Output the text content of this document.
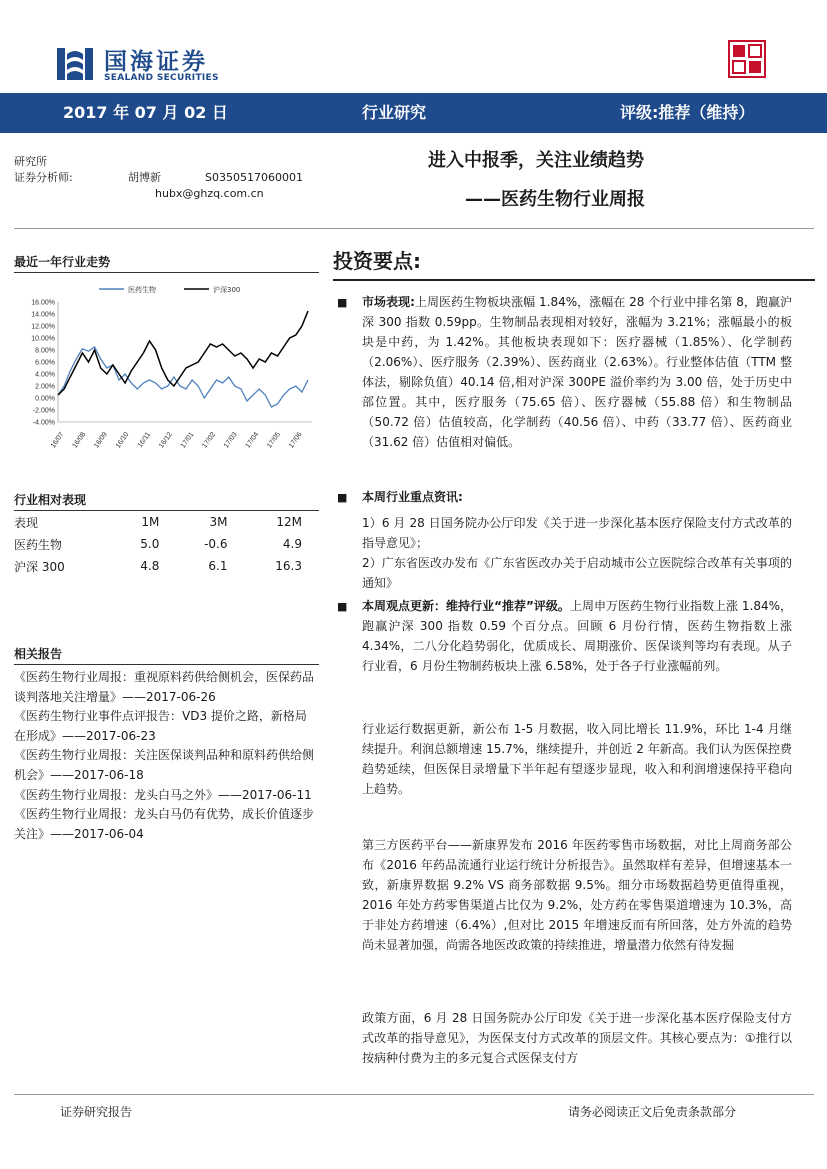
国海证券
SEALAND SECURITIES
2017 年 07 月 02 日	行业研究	评级:推荐（维持）
研究所
证券分析师:	胡博新	S0350517060001
hubx@ghzq.com.cn
进入中报季，关注业绩趋势
——医药生物行业周报
最近一年行业走势
16.00%
14.00%
12.00%
10.00%
8.00%
6.00%
4.00%
2.00%
0.00%
-2.00%
-4.00%
16/07 16/08 16/09 16/10 16/11 16/12 17/01 17/02 17/03 17/04 17/05 17/06
医药生物	沪深300
行业相对表现
表现	1M	3M	12M
医药生物	5.0	-0.6	4.9
沪深 300	4.8	6.1	16.3
相关报告

《医药生物行业周报：重视原料药供给侧机会，医保药品谈判落地关注增量》——2017-06-26

《医药生物行业事件点评报告：VD3 提价之路，新格局在形成》——2017-06-23

《医药生物行业周报：关注医保谈判品种和原料药供给侧机会》——2017-06-18

《医药生物行业周报：龙头白马之外》——2017-06-11

《医药生物行业周报：龙头白马仍有优势，成长价值逐步关注》——2017-06-04

投资要点:
■ 市场表现:上周医药生物板块涨幅 1.84%，涨幅在 28 个行业中排名第 8，跑赢沪深 300 指数 0.59pp。生物制品表现相对较好，涨幅为 3.21%；涨幅最小的板块是中药，为 1.42%。其他板块表现如下：医疗器械（1.85%）、化学制药（2.06%）、医疗服务（2.39%）、医药商业（2.63%）。行业整体估值（TTM 整体法，剔除负值）40.14 倍,相对沪深 300PE 溢价率约为 3.00 倍，处于历史中部位置。其中，医疗服务（75.65 倍）、医疗器械（55.88 倍）和生物制品（50.72 倍）估值较高，化学制药（40.56 倍）、中药（33.77 倍）、医药商业（31.62 倍）估值相对偏低。

■ 本周行业重点资讯:

1）6 月 28 日国务院办公厅印发《关于进一步深化基本医疗保险支付方式改革的指导意见》；

2）广东省医改办发布《广东省医改办关于启动城市公立医院综合改革有关事项的通知》

■ 本周观点更新：维持行业“推荐”评级。上周申万医药生物行业指数上涨 1.84%，跑赢沪深 300 指数 0.59 个百分点。回顾 6 月份行情，医药生物指数上涨 4.34%，二八分化趋势弱化，优质成长、周期涨价、医保谈判等均有表现。从子行业看，6 月份生物制药板块上涨 6.58%，处于各子行业涨幅前列。

行业运行数据更新，新公布 1-5 月数据，收入同比增长 11.9%，环比 1-4 月继续提升。利润总额增速 15.7%，继续提升，并创近 2 年新高。我们认为医保控费趋势延续，但医保目录增量下半年起有望逐步显现，收入和利润增速保持平稳向上趋势。

第三方医药平台——新康界发布 2016 年医药零售市场数据，对比上周商务部公布《2016 年药品流通行业运行统计分析报告》。虽然取样有差异，但增速基本一致，新康界数据 9.2% VS 商务部数据 9.5%。细分市场数据趋势更值得重视，2016 年处方药零售渠道占比仅为 9.2%，处方药在零售渠道增速为 10.3%，高于非处方药增速（6.4%）,但对比 2015 年增速反而有所回落，处方外流的趋势尚未显著加强，尚需各地医改政策的持续推进，增量潜力依然有待发掘

政策方面，6 月 28 日国务院办公厅印发《关于进一步深化基本医疗保险支付方式改革的指导意见》，为医保支付方式改革的顶层文件。其核心要点为：①推行以按病种付费为主的多元复合式医保支付方

证券研究报告	请务必阅读正文后免责条款部分
